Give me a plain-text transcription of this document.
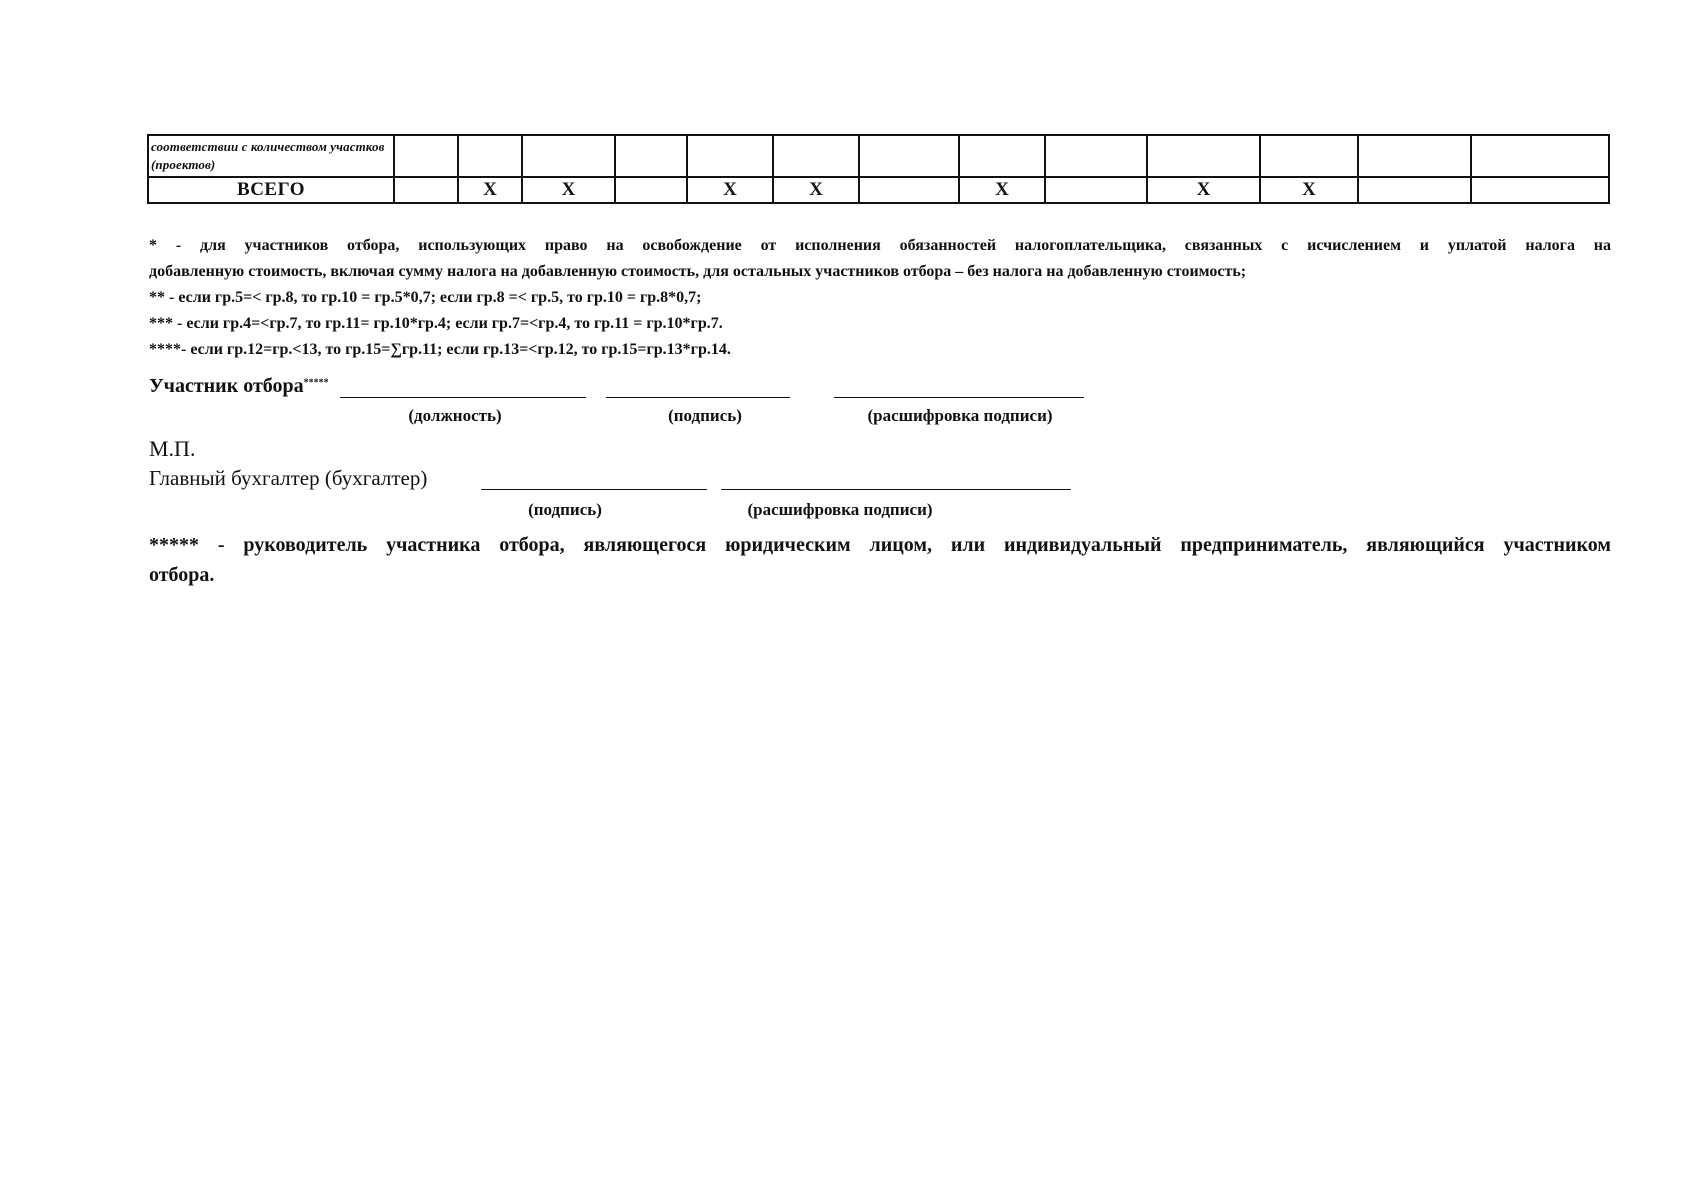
соответствии с количеством участков (проектов)													
ВСЕГО		X	X		X	X		X		X	X		

* - для участников отбора, использующих право на освобождение от исполнения обязанностей налогоплательщика, связанных с исчислением и уплатой налога на

добавленную стоимость, включая сумму налога на добавленную стоимость, для остальных участников отбора – без налога на добавленную стоимость;

** - если гр.5=< гр.8, то гр.10 = гр.5*0,7; если гр.8 =< гр.5, то гр.10 = гр.8*0,7;

*** - если гр.4=<гр.7, то гр.11= гр.10*гр.4; если гр.7=<гр.4, то гр.11 = гр.10*гр.7.

****- если гр.12=гр.<13, то гр.15=∑гр.11; если гр.13=<гр.12, то гр.15=гр.13*гр.14.

Участник отбора*****
(должность)	(подпись)	(расшифровка подписи)
М.П.
Главный бухгалтер (бухгалтер)
(подпись)	(расшифровка подписи)

***** - руководитель участника отбора, являющегося юридическим лицом, или индивидуальный предприниматель, являющийся участником

отбора.
